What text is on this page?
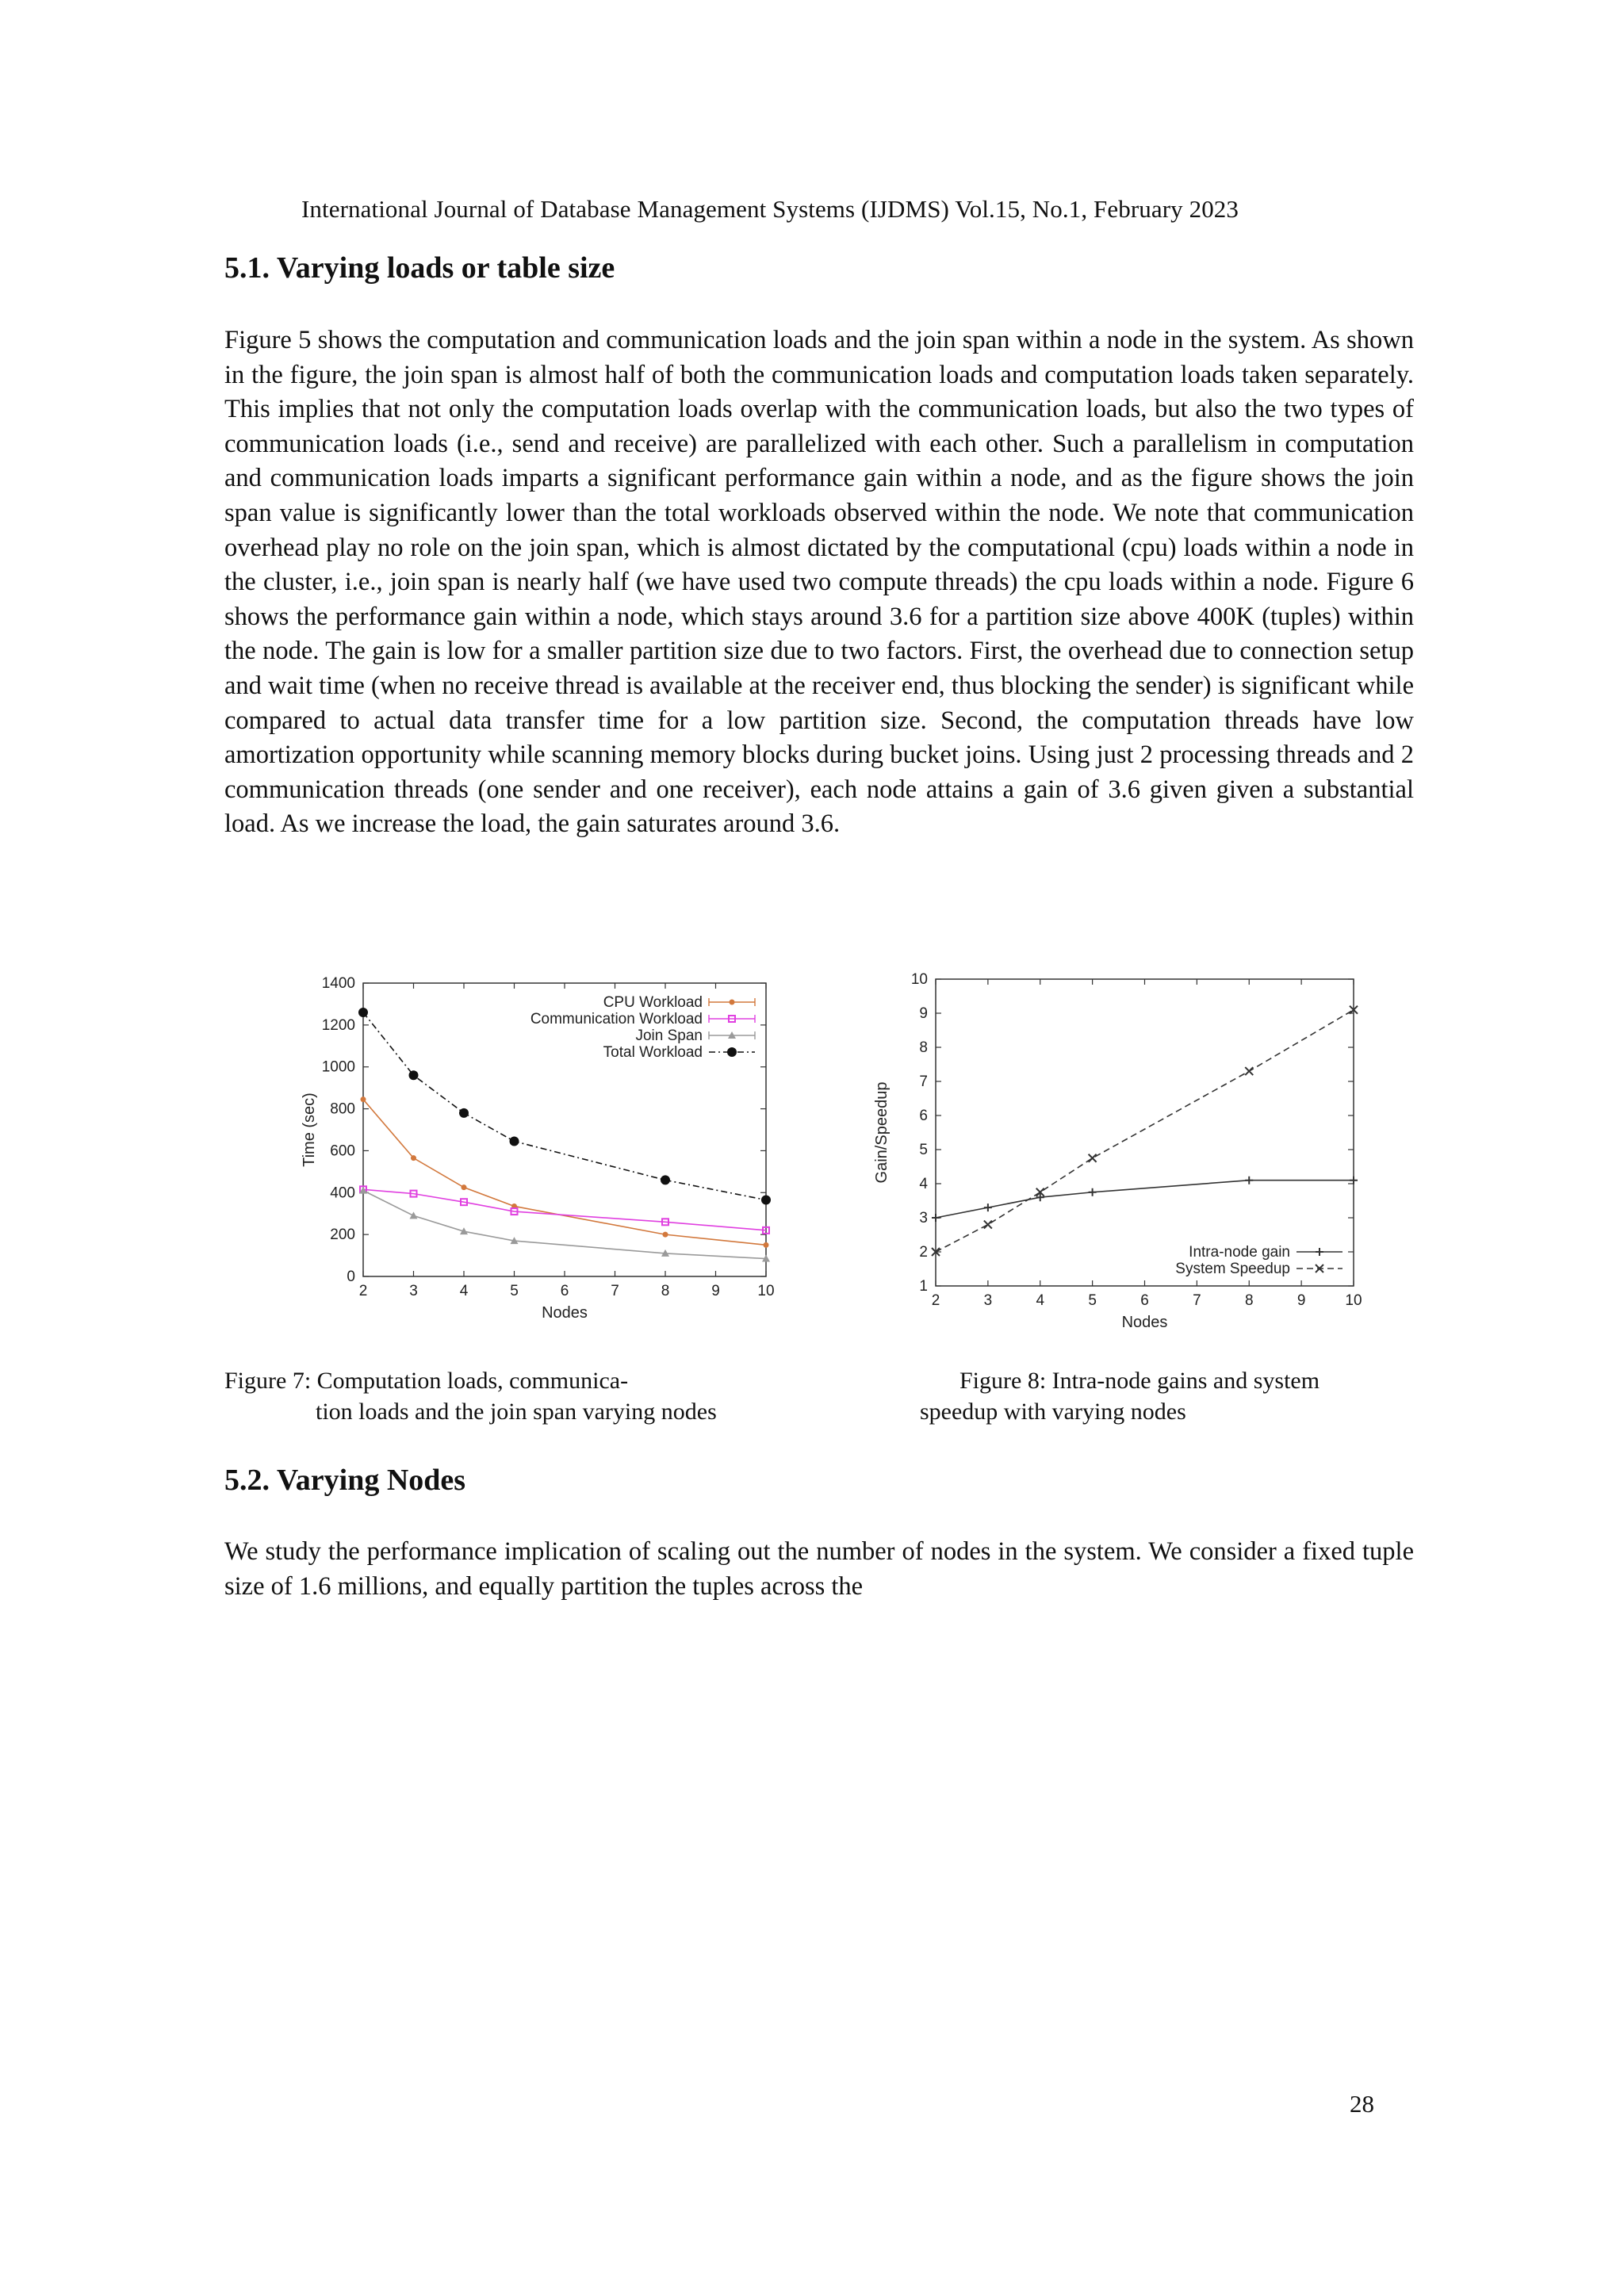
International Journal of Database Management Systems (IJDMS) Vol.15, No.1, February 2023
5.1. Varying loads or table size
Figure 5 shows the computation and communication loads and the join span within a node in the system. As shown in the figure, the join span is almost half of both the communication loads and computation loads taken separately. This implies that not only the computation loads overlap with the communication loads, but also the two types of communication loads (i.e., send and receive) are parallelized with each other. Such a parallelism in computation and communication loads imparts a significant performance gain within a node, and as the figure shows the join span value is significantly lower than the total workloads observed within the node. We note that communication overhead play no role on the join span, which is almost dictated by the computational (cpu) loads within a node in the cluster, i.e., join span is nearly half (we have used two compute threads) the cpu loads within a node. Figure 6 shows the performance gain within a node, which stays around 3.6 for a partition size above 400K (tuples) within the node. The gain is low for a smaller partition size due to two factors. First, the overhead due to connection setup and wait time (when no receive thread is available at the receiver end, thus blocking the sender) is significant while compared to actual data transfer time for a low partition size. Second, the computation threads have low amortization opportunity while scanning memory blocks during bucket joins. Using just 2 processing threads and 2 communication threads (one sender and one receiver), each node attains a gain of 3.6 given given a substantial load. As we increase the load, the gain saturates around 3.6.
2	3	4	5	6	7	8	9	10
0
200
400
600
800
1000
1200
1400
Nodes
Time (sec)
CPU Workload
Communication Workload
Join Span
Total Workload
2	3	4	5	6	7	8	9	10
1
2
3
4
5
6
7
8
9
10
Nodes
Gain/Speedup
Intra-node gain
System Speedup
Figure 7: Computation loads, communica-
tion loads and the join span varying nodes
Figure 8: Intra-node gains and system
speedup with varying nodes
5.2. Varying Nodes
We study the performance implication of scaling out the number of nodes in the system. We consider a fixed tuple size of 1.6 millions, and equally partition the tuples across the
28
